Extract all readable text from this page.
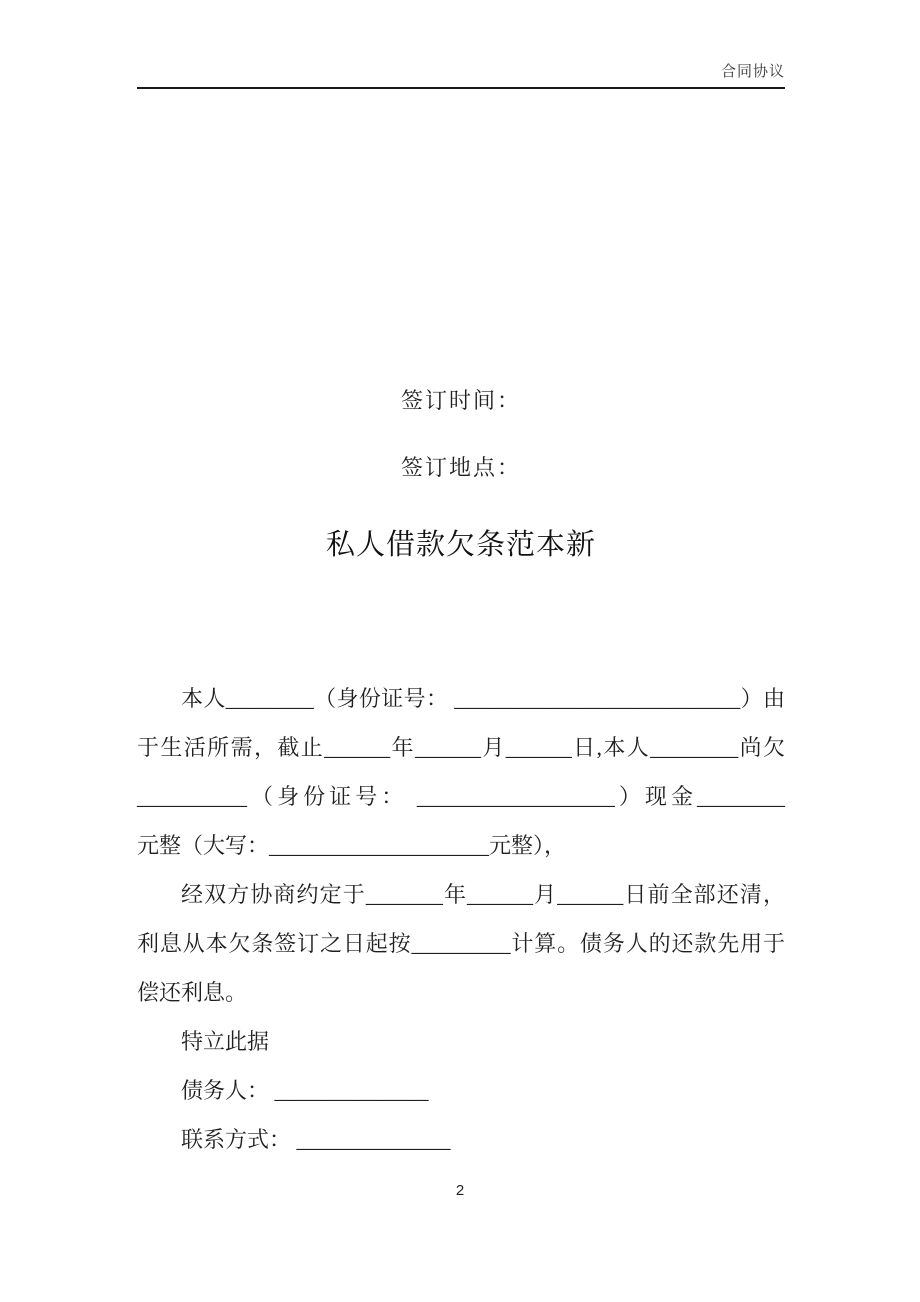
合同协议
签订时间：
签订地点：
私人借款欠条范本新
本人________（身份证号： __________________________）由
于生活所需，截止______年______月______日,本人________尚欠
__________（身份证号： __________________）现金________
元整（大写：____________________元整），
经双方协商约定于_______年______月______日前全部还清，
利息从本欠条签订之日起按_________计算。债务人的还款先用于
偿还利息。
特立此据
债务人： ______________
联系方式： ______________
2
